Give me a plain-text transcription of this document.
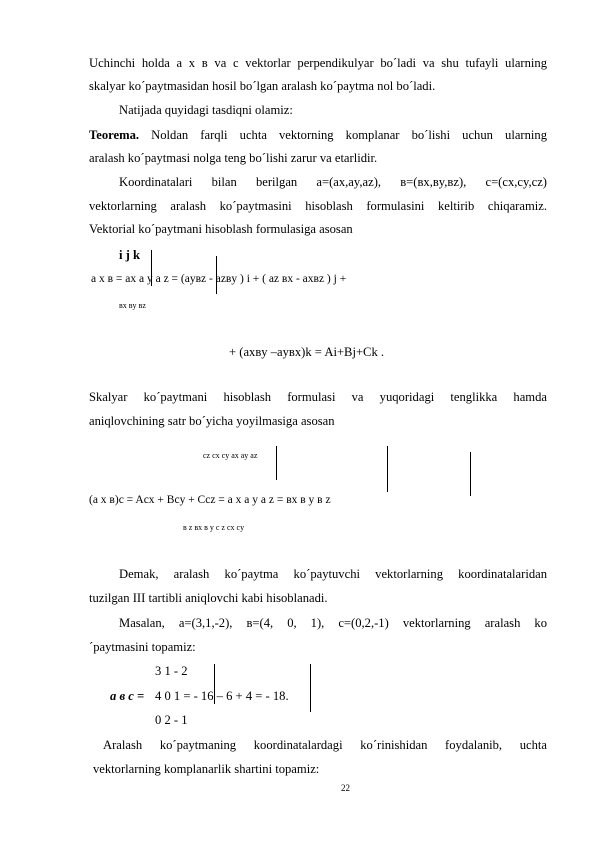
Uchinchi holda a x в va c vektorlar perpendikulyar bo´ladi va shu tufayli ularning
skalyar ko´paytmasidan hosil bo´lgan aralash ko´paytma nol bo´ladi.
Natijada quyidagi tasdiqni olamiz:
Teorema. Noldan farqli uchta vektorning komplanar bo´lishi uchun ularning
aralash ko´paytmasi nolga teng bo´lishi zarur va etarlidir.
Koordinatalari bilan berilgan a=(ax,ay,az), в=(вx,вy,вz), c=(cx,cy,cz)
vektorlarning aralash ko´paytmasini hisoblash formulasini keltirib chiqaramiz.
Vektorial ko´paytmani hisoblash formulasiga asosan
i j k
a x в = ax a y a z = (ayвz - azвy ) i + ( az вx - axвz ) j +
вx вy вz
+ (axвy –ayвx)k = Ai+Bj+Ck .
Skalyar ko´paytmani hisoblash formulasi va yuqoridagi tenglikka hamda
aniqlovchining satr bo´yicha yoyilmasiga asosan
cz cx cy ax ay az
(a x в)c = Acx + Bcy + Ccz = a x a y a z = вx в y в z
в z вx в y c z cx cy
Demak, aralash ko´paytma ko´paytuvchi vektorlarning koordinatalaridan
tuzilgan III tartibli aniqlovchi kabi hisoblanadi.
Masalan, a=(3,1,-2), в=(4, 0, 1), c=(0,2,-1) vektorlarning aralash ko
´paytmasini topamiz:
3 1 - 2
a в c = 4 0 1 = - 16 – 6 + 4 = - 18.
0 2 - 1
Aralash ko´paytmaning koordinatalardagi ko´rinishidan foydalanib, uchta
vektorlarning komplanarlik shartini topamiz:
22
